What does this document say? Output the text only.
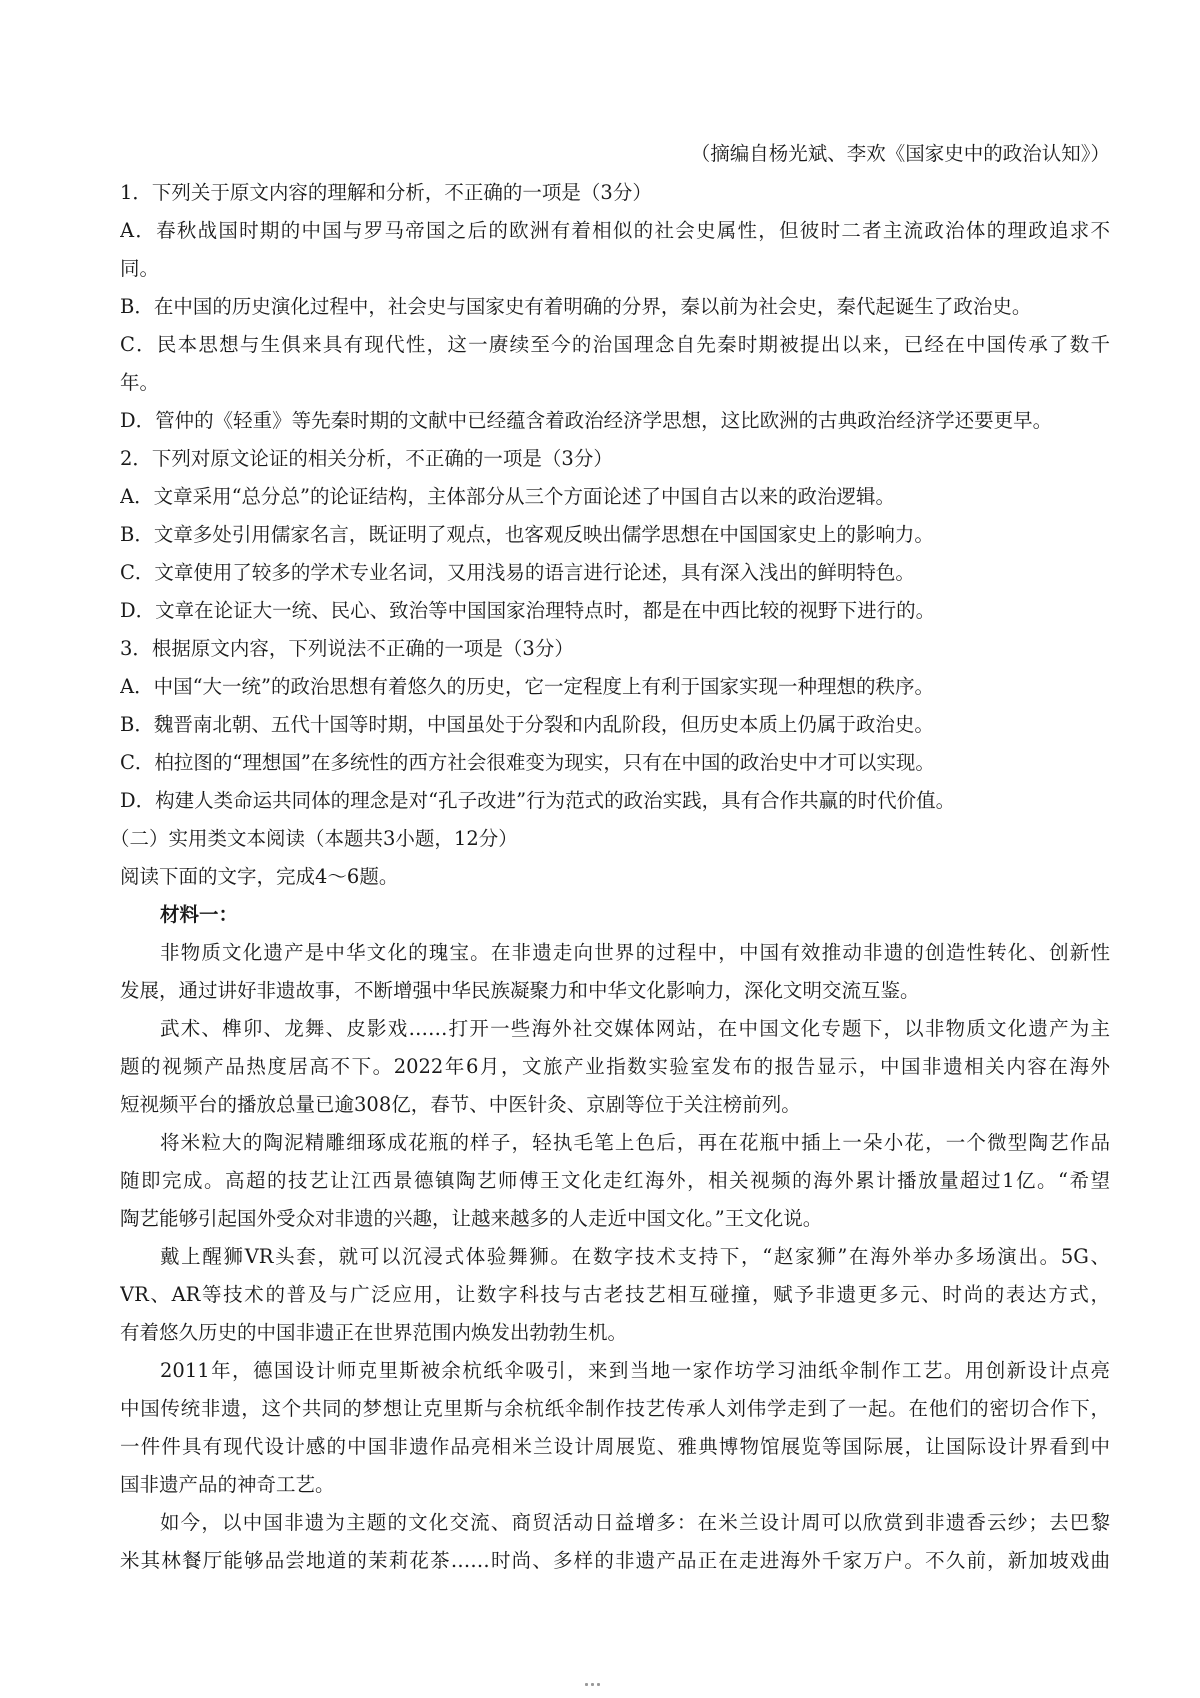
（摘编自杨光斌、李欢《国家史中的政治认知》）
1．下列关于原文内容的理解和分析，不正确的一项是（3分）
A．春秋战国时期的中国与罗马帝国之后的欧洲有着相似的社会史属性，但彼时二者主流政治体的理政追求不
同。
B．在中国的历史演化过程中，社会史与国家史有着明确的分界，秦以前为社会史，秦代起诞生了政治史。
C．民本思想与生俱来具有现代性，这一赓续至今的治国理念自先秦时期被提出以来，已经在中国传承了数千
年。
D．管仲的《轻重》等先秦时期的文献中已经蕴含着政治经济学思想，这比欧洲的古典政治经济学还要更早。
2．下列对原文论证的相关分析，不正确的一项是（3分）
A．文章采用“总分总”的论证结构，主体部分从三个方面论述了中国自古以来的政治逻辑。
B．文章多处引用儒家名言，既证明了观点，也客观反映出儒学思想在中国国家史上的影响力。
C．文章使用了较多的学术专业名词，又用浅易的语言进行论述，具有深入浅出的鲜明特色。
D．文章在论证大一统、民心、致治等中国国家治理特点时，都是在中西比较的视野下进行的。
3．根据原文内容，下列说法不正确的一项是（3分）
A．中国“大一统”的政治思想有着悠久的历史，它一定程度上有利于国家实现一种理想的秩序。
B．魏晋南北朝、五代十国等时期，中国虽处于分裂和内乱阶段，但历史本质上仍属于政治史。
C．柏拉图的“理想国”在多统性的西方社会很难变为现实，只有在中国的政治史中才可以实现。
D．构建人类命运共同体的理念是对“孔子改进”行为范式的政治实践，具有合作共赢的时代价值。
（二）实用类文本阅读（本题共3小题，12分）
阅读下面的文字，完成4～6题。
材料一：
非物质文化遗产是中华文化的瑰宝。在非遗走向世界的过程中，中国有效推动非遗的创造性转化、创新性
发展，通过讲好非遗故事，不断增强中华民族凝聚力和中华文化影响力，深化文明交流互鉴。
武术、榫卯、龙舞、皮影戏……打开一些海外社交媒体网站，在中国文化专题下，以非物质文化遗产为主
题的视频产品热度居高不下。2022年6月，文旅产业指数实验室发布的报告显示，中国非遗相关内容在海外
短视频平台的播放总量已逾308亿，春节、中医针灸、京剧等位于关注榜前列。
将米粒大的陶泥精雕细琢成花瓶的样子，轻执毛笔上色后，再在花瓶中插上一朵小花，一个微型陶艺作品
随即完成。高超的技艺让江西景德镇陶艺师傅王文化走红海外，相关视频的海外累计播放量超过1亿。“希望
陶艺能够引起国外受众对非遗的兴趣，让越来越多的人走近中国文化。”王文化说。
戴上醒狮VR头套，就可以沉浸式体验舞狮。在数字技术支持下，“赵家狮”在海外举办多场演出。5G、
VR、AR等技术的普及与广泛应用，让数字科技与古老技艺相互碰撞，赋予非遗更多元、时尚的表达方式，
有着悠久历史的中国非遗正在世界范围内焕发出勃勃生机。
2011年，德国设计师克里斯被余杭纸伞吸引，来到当地一家作坊学习油纸伞制作工艺。用创新设计点亮
中国传统非遗，这个共同的梦想让克里斯与余杭纸伞制作技艺传承人刘伟学走到了一起。在他们的密切合作下，
一件件具有现代设计感的中国非遗作品亮相米兰设计周展览、雅典博物馆展览等国际展，让国际设计界看到中
国非遗产品的神奇工艺。
如今，以中国非遗为主题的文化交流、商贸活动日益增多：在米兰设计周可以欣赏到非遗香云纱；去巴黎
米其林餐厅能够品尝地道的茉莉花茶……时尚、多样的非遗产品正在走进海外千家万户。不久前，新加坡戏曲
